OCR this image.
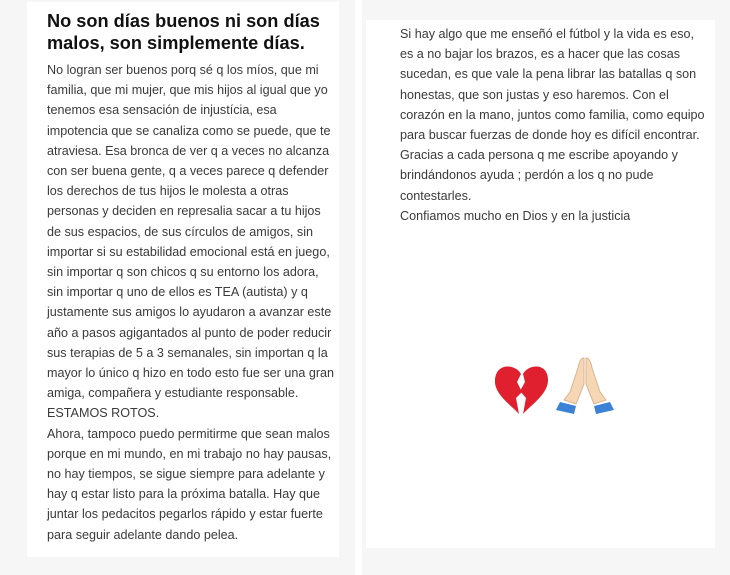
No son días buenos ni son días malos, son simplemente días.
No logran ser buenos porq sé q los míos, que mi familia, que mi mujer, que mis hijos al igual que yo tenemos esa sensación de injustícia, esa impotencia que se canaliza como se puede, que te atraviesa. Esa bronca de ver q a veces no alcanza con ser buena gente, q a veces parece q defender los derechos de tus hijos le molesta a otras personas y deciden en represalia sacar a tu hijos de sus espacios, de sus círculos de amigos, sin importar si su estabilidad emocional está en juego, sin importar q son chicos q su entorno los adora, sin importar q uno de ellos es TEA (autista) y q justamente sus amigos lo ayudaron a avanzar este año a pasos agigantados al punto de poder reducir sus terapias de 5 a 3 semanales, sin importan q la mayor lo único q hizo en todo esto fue ser una gran amiga, compañera y estudiante responsable. ESTAMOS ROTOS.
Ahora, tampoco puedo permitirme que sean malos porque en mi mundo, en mi trabajo no hay pausas, no hay tiempos, se sigue siempre para adelante y hay q estar listo para la próxima batalla. Hay que juntar los pedacitos pegarlos rápido y estar fuerte para seguir adelante dando pelea.
Si hay algo que me enseñó el fútbol y la vida es eso, es a no bajar los brazos, es a hacer que las cosas sucedan, es que vale la pena librar las batallas q son honestas, que son justas y eso haremos. Con el corazón en la mano, juntos como familia, como equipo para buscar fuerzas de donde hoy es difícil encontrar.
Gracias a cada persona q me escribe apoyando y brindándonos ayuda ; perdón a los q no pude contestarles.
Confiamos mucho en Dios y en la justicia
